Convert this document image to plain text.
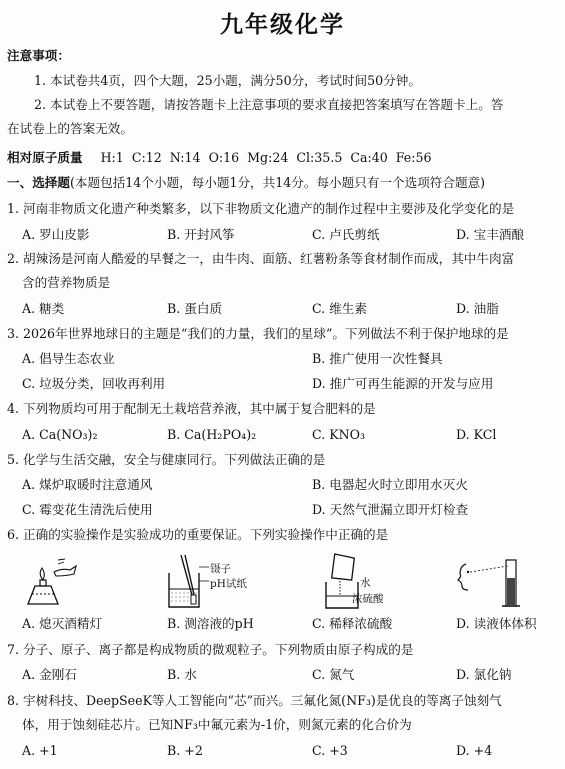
九年级化学
注意事项：
1. 本试卷共4页，四个大题，25小题，满分50分，考试时间50分钟。
2. 本试卷上不要答题，请按答题卡上注意事项的要求直接把答案填写在答题卡上。答
在试卷上的答案无效。
相对原子质量 H:1 C:12 N:14 O:16 Mg:24 Cl:35.5 Ca:40 Fe:56
一、选择题(本题包括14个小题，每小题1分，共14分。每小题只有一个选项符合题意)
1. 河南非物质文化遗产种类繁多，以下非物质文化遗产的制作过程中主要涉及化学变化的是
A. 罗山皮影	B. 开封风筝	C. 卢氏剪纸	D. 宝丰酒酿
2. 胡辣汤是河南人酷爱的早餐之一，由牛肉、面筋、红薯粉条等食材制作而成，其中牛肉富
含的营养物质是
A. 糖类	B. 蛋白质	C. 维生素	D. 油脂
3. 2026年世界地球日的主题是“我们的力量，我们的星球”。下列做法不利于保护地球的是
A. 倡导生态农业	B. 推广使用一次性餐具
C. 垃圾分类，回收再利用	D. 推广可再生能源的开发与应用
4. 下列物质均可用于配制无土栽培营养液，其中属于复合肥料的是
A. Ca(NO₃)₂	B. Ca(H₂PO₄)₂	C. KNO₃	D. KCl
5. 化学与生活交融，安全与健康同行。下列做法正确的是
A. 煤炉取暖时注意通风	B. 电器起火时立即用水灭火
C. 霉变花生清洗后使用	D. 天然气泄漏立即开灯检查
6. 正确的实验操作是实验成功的重要保证。下列实验操作中正确的是
镊子
pH试纸	水
浓硫酸
A. 熄灭酒精灯	B. 测溶液的pH	C. 稀释浓硫酸	D. 读液体体积
7. 分子、原子、离子都是构成物质的微观粒子。下列物质由原子构成的是
A. 金刚石	B. 水	C. 氮气	D. 氯化钠
8. 宇树科技、DeepSeeK等人工智能向“芯”而兴。三氟化氮(NF₃)是优良的等离子蚀刻气
体，用于蚀刻硅芯片。已知NF₃中氟元素为-1价，则氮元素的化合价为
A. +1	B. +2	C. +3	D. +4
